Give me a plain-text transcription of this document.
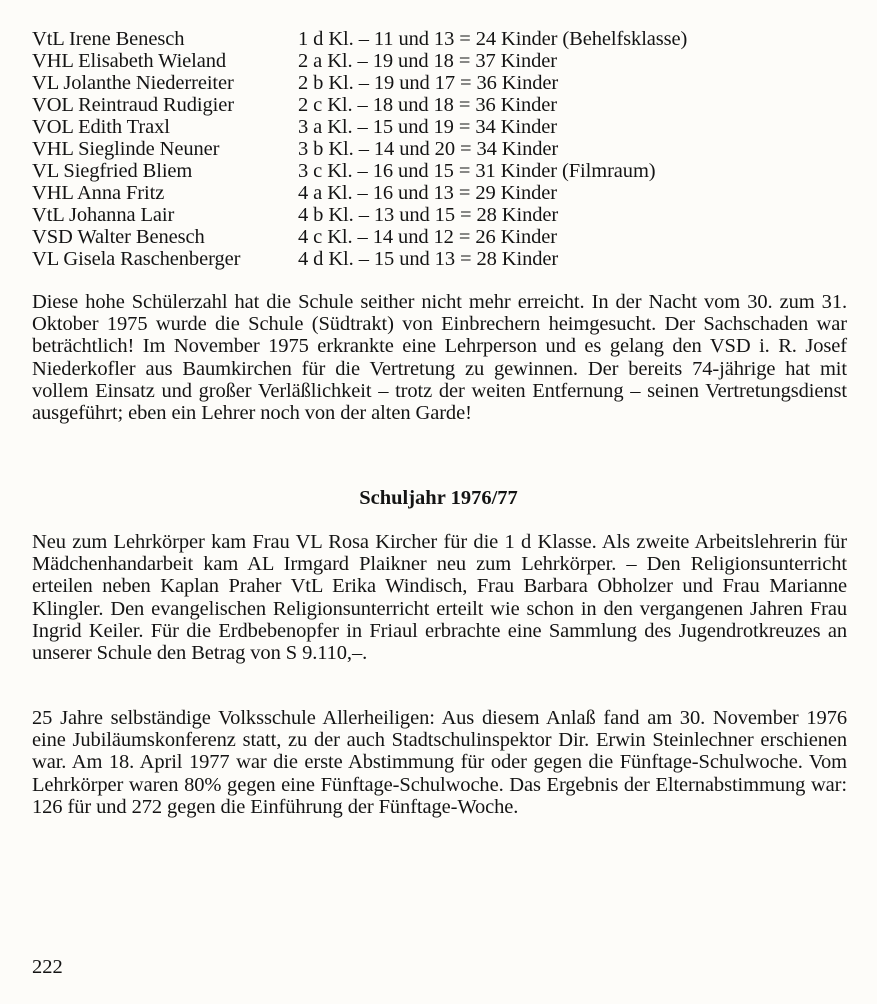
VtL Irene Benesch	1 d Kl. – 11 und 13 = 24 Kinder (Behelfsklasse)
VHL Elisabeth Wieland	2 a Kl. – 19 und 18 = 37 Kinder
VL Jolanthe Niederreiter	2 b Kl. – 19 und 17 = 36 Kinder
VOL Reintraud Rudigier	2 c Kl. – 18 und 18 = 36 Kinder
VOL Edith Traxl	3 a Kl. – 15 und 19 = 34 Kinder
VHL Sieglinde Neuner	3 b Kl. – 14 und 20 = 34 Kinder
VL Siegfried Bliem	3 c Kl. – 16 und 15 = 31 Kinder (Filmraum)
VHL Anna Fritz	4 a Kl. – 16 und 13 = 29 Kinder
VtL Johanna Lair	4 b Kl. – 13 und 15 = 28 Kinder
VSD Walter Benesch	4 c Kl. – 14 und 12 = 26 Kinder
VL Gisela Raschenberger	4 d Kl. – 15 und 13 = 28 Kinder

Diese hohe Schülerzahl hat die Schule seither nicht mehr erreicht. In der Nacht vom 30. zum 31. Oktober 1975 wurde die Schule (Südtrakt) von Einbrechern heimgesucht. Der Sachschaden war beträchtlich! Im November 1975 erkrankte eine Lehrperson und es gelang den VSD i. R. Josef Niederkofler aus Baumkirchen für die Vertretung zu gewinnen. Der bereits 74-jährige hat mit vollem Einsatz und großer Verläßlichkeit – trotz der weiten Entfernung – seinen Vertretungsdienst ausgeführt; eben ein Lehrer noch von der alten Garde!

Schuljahr 1976/77

Neu zum Lehrkörper kam Frau VL Rosa Kircher für die 1 d Klasse. Als zweite Arbeitslehrerin für Mädchenhandarbeit kam AL Irmgard Plaikner neu zum Lehrkörper. – Den Religionsunterricht erteilen neben Kaplan Praher VtL Erika Windisch, Frau Barbara Obholzer und Frau Marianne Klingler. Den evangelischen Religionsunterricht erteilt wie schon in den vergangenen Jahren Frau Ingrid Keiler. Für die Erdbebenopfer in Friaul erbrachte eine Sammlung des Jugendrotkreuzes an unserer Schule den Betrag von S 9.110,–.

25 Jahre selbständige Volksschule Allerheiligen: Aus diesem Anlaß fand am 30. November 1976 eine Jubiläumskonferenz statt, zu der auch Stadtschulinspektor Dir. Erwin Steinlechner erschienen war. Am 18. April 1977 war die erste Abstimmung für oder gegen die Fünftage-Schulwoche. Vom Lehrkörper waren 80% gegen eine Fünftage-Schulwoche. Das Ergebnis der Elternabstimmung war: 126 für und 272 gegen die Einführung der Fünftage-Woche.

222
